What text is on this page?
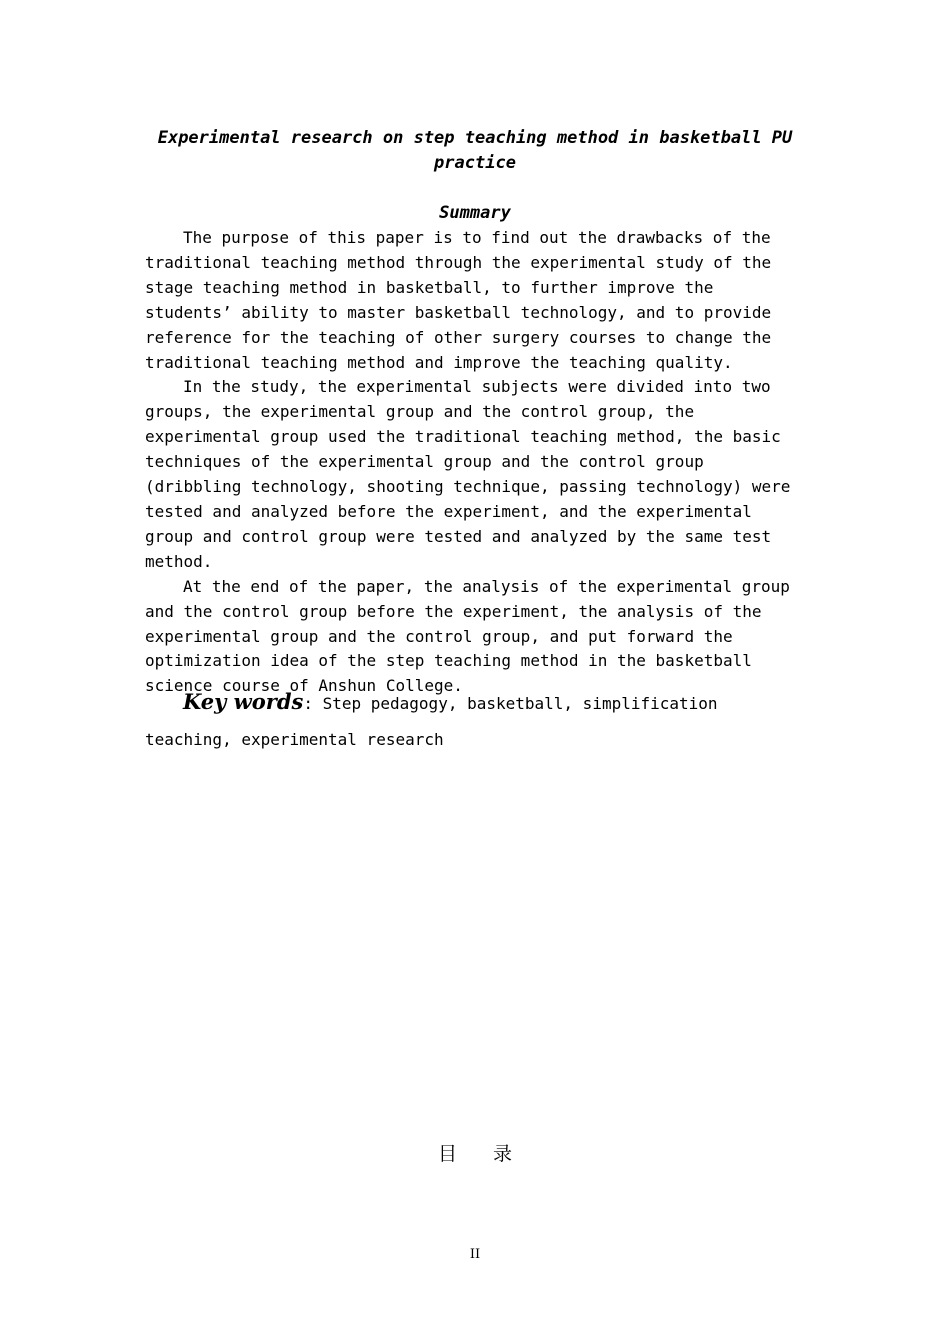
Experimental research on step teaching method in basketball PU
practice
Summary

The purpose of this paper is to find out the drawbacks of the traditional teaching method through the experimental study of the stage teaching method in basketball, to further improve the students’ ability to master basketball technology, and to provide reference for the teaching of other surgery courses to change the traditional teaching method and improve the teaching quality.

In the study, the experimental subjects were divided into two groups, the experimental group and the control group, the experimental group used the traditional teaching method, the basic techniques of the experimental group and the control group (dribbling technology, shooting technique, passing technology) were tested and analyzed before the experiment, and the experimental group and control group were tested and analyzed by the same test method.

At the end of the paper, the analysis of the experimental group and the control group before the experiment, the analysis of the experimental group and the control group, and put forward the optimization idea of the step teaching method in the basketball science course of Anshun College.

Key words: Step pedagogy, basketball, simplification teaching, experimental research
目录
II
